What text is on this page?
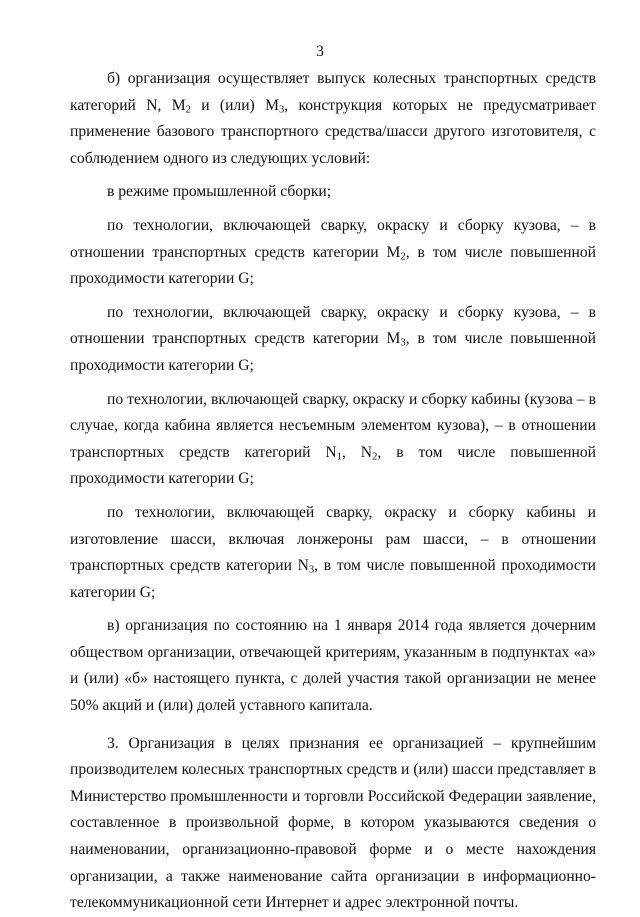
3

б) организация осуществляет выпуск колесных транспортных средств категорий N, $M_2$ и (или) $M_3$, конструкция которых не предусматривает применение базового транспортного средства/шасси другого изготовителя, с соблюдением одного из следующих условий:

в режиме промышленной сборки;

по технологии, включающей сварку, окраску и сборку кузова, – в отношении транспортных средств категории $M_2$, в том числе повышенной проходимости категории G;

по технологии, включающей сварку, окраску и сборку кузова, – в отношении транспортных средств категории $M_3$, в том числе повышенной проходимости категории G;

по технологии, включающей сварку, окраску и сборку кабины (кузова – в случае, когда кабина является несъемным элементом кузова), – в отношении транспортных средств категорий $N_1$, $N_2$, в том числе повышенной проходимости категории G;

по технологии, включающей сварку, окраску и сборку кабины и изготовление шасси, включая лонжероны рам шасси, – в отношении транспортных средств категории $N_3$, в том числе повышенной проходимости категории G;

в) организация по состоянию на 1 января 2014 года является дочерним обществом организации, отвечающей критериям, указанным в подпунктах «а» и (или) «б» настоящего пункта, с долей участия такой организации не менее 50% акций и (или) долей уставного капитала.

3. Организация в целях признания ее организацией – крупнейшим производителем колесных транспортных средств и (или) шасси представляет в Министерство промышленности и торговли Российской Федерации заявление, составленное в произвольной форме, в котором указываются сведения о наименовании, организационно-правовой форме и о месте нахождения организации, а также наименование сайта организации в информационно-телекоммуникационной сети Интернет и адрес электронной почты.
